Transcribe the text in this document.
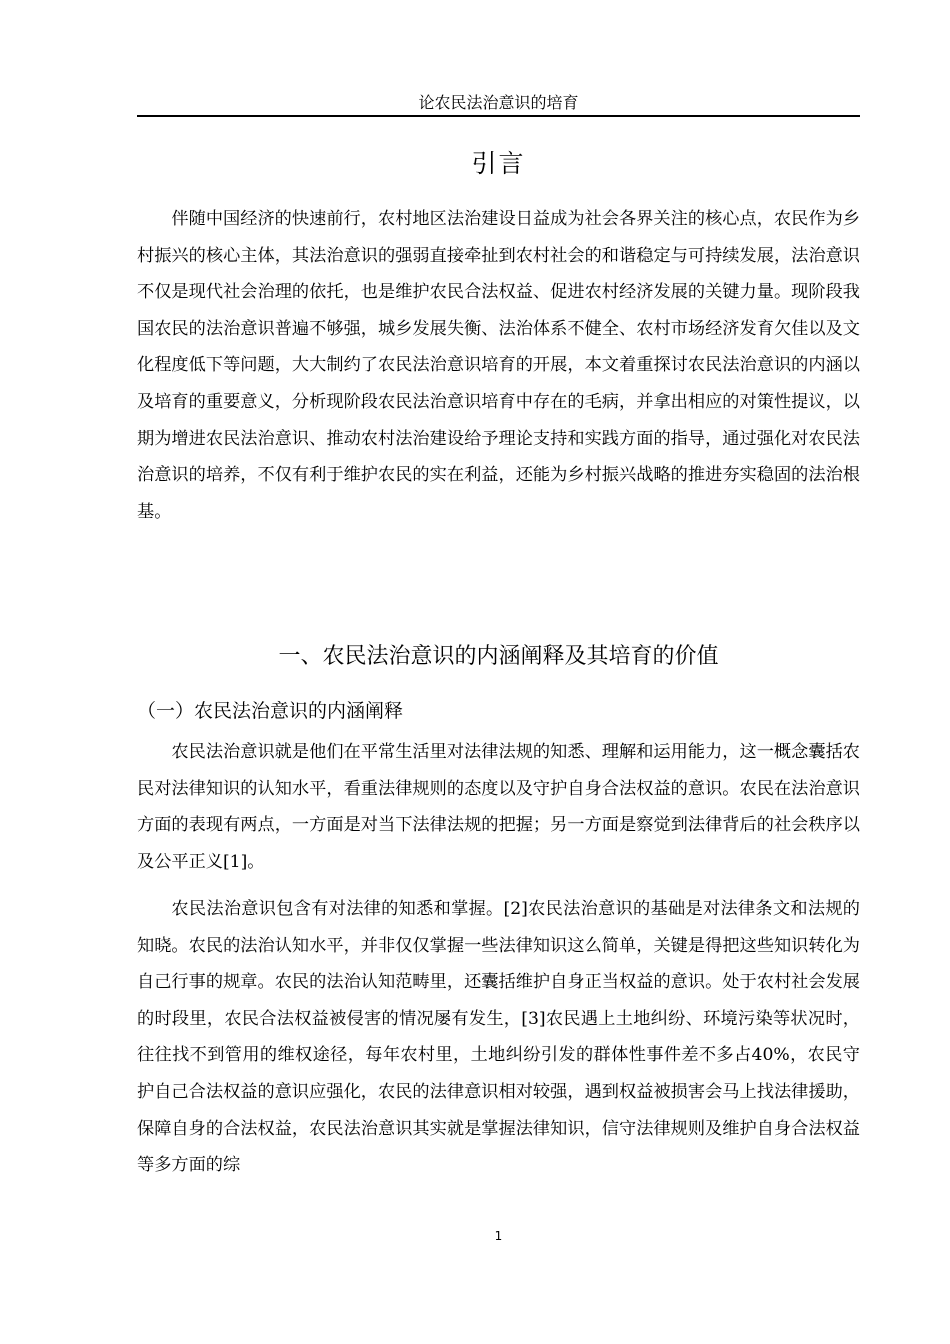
论农民法治意识的培育
引言

伴随中国经济的快速前行，农村地区法治建设日益成为社会各界关注的核心点，农民作为乡村振兴的核心主体，其法治意识的强弱直接牵扯到农村社会的和谐稳定与可持续发展，法治意识不仅是现代社会治理的依托，也是维护农民合法权益、促进农村经济发展的关键力量。现阶段我国农民的法治意识普遍不够强，城乡发展失衡、法治体系不健全、农村市场经济发育欠佳以及文化程度低下等问题，大大制约了农民法治意识培育的开展，本文着重探讨农民法治意识的内涵以及培育的重要意义，分析现阶段农民法治意识培育中存在的毛病，并拿出相应的对策性提议，以期为增进农民法治意识、推动农村法治建设给予理论支持和实践方面的指导，通过强化对农民法治意识的培养，不仅有利于维护农民的实在利益，还能为乡村振兴战略的推进夯实稳固的法治根基。

一、农民法治意识的内涵阐释及其培育的价值
（一）农民法治意识的内涵阐释

农民法治意识就是他们在平常生活里对法律法规的知悉、理解和运用能力，这一概念囊括农民对法律知识的认知水平，看重法律规则的态度以及守护自身合法权益的意识。农民在法治意识方面的表现有两点，一方面是对当下法律法规的把握；另一方面是察觉到法律背后的社会秩序以及公平正义[1]。

农民法治意识包含有对法律的知悉和掌握。[2]农民法治意识的基础是对法律条文和法规的知晓。农民的法治认知水平，并非仅仅掌握一些法律知识这么简单，关键是得把这些知识转化为自己行事的规章。农民的法治认知范畴里，还囊括维护自身正当权益的意识。处于农村社会发展的时段里，农民合法权益被侵害的情况屡有发生，[3]农民遇上土地纠纷、环境污染等状况时，往往找不到管用的维权途径，每年农村里，土地纠纷引发的群体性事件差不多占40%，农民守护自己合法权益的意识应强化，农民的法律意识相对较强，遇到权益被损害会马上找法律援助，保障自身的合法权益，农民法治意识其实就是掌握法律知识，信守法律规则及维护自身合法权益等多方面的综

1
